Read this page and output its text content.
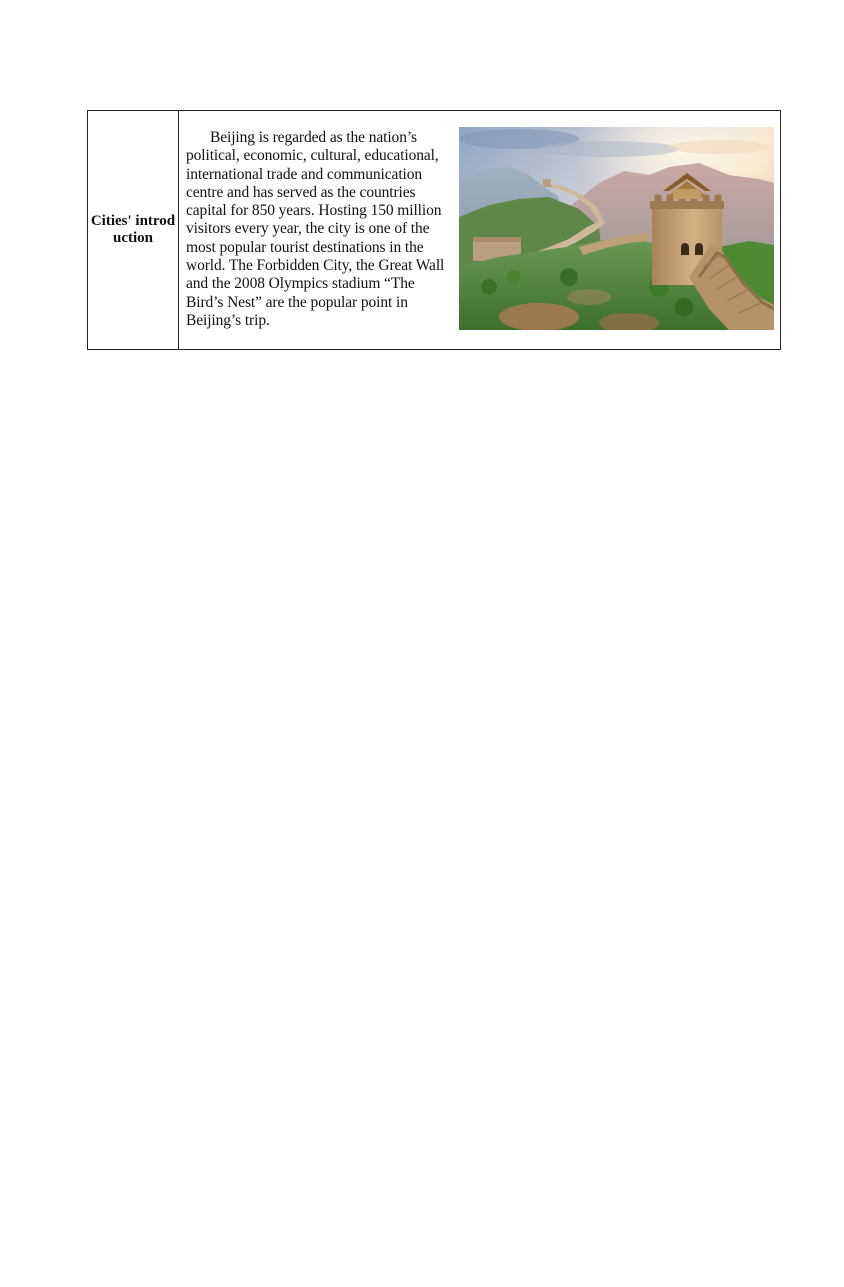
Cities' introduction

Beijing is regarded as the nation’s political, economic, cultural, educational, international trade and communication centre and has served as the countries capital for 850 years. Hosting 150 million visitors every year, the city is one of the most popular tourist destinations in the world. The Forbidden City, the Great Wall and the 2008 Olympics stadium “The Bird’s Nest” are the popular point in Beijing’s trip.
